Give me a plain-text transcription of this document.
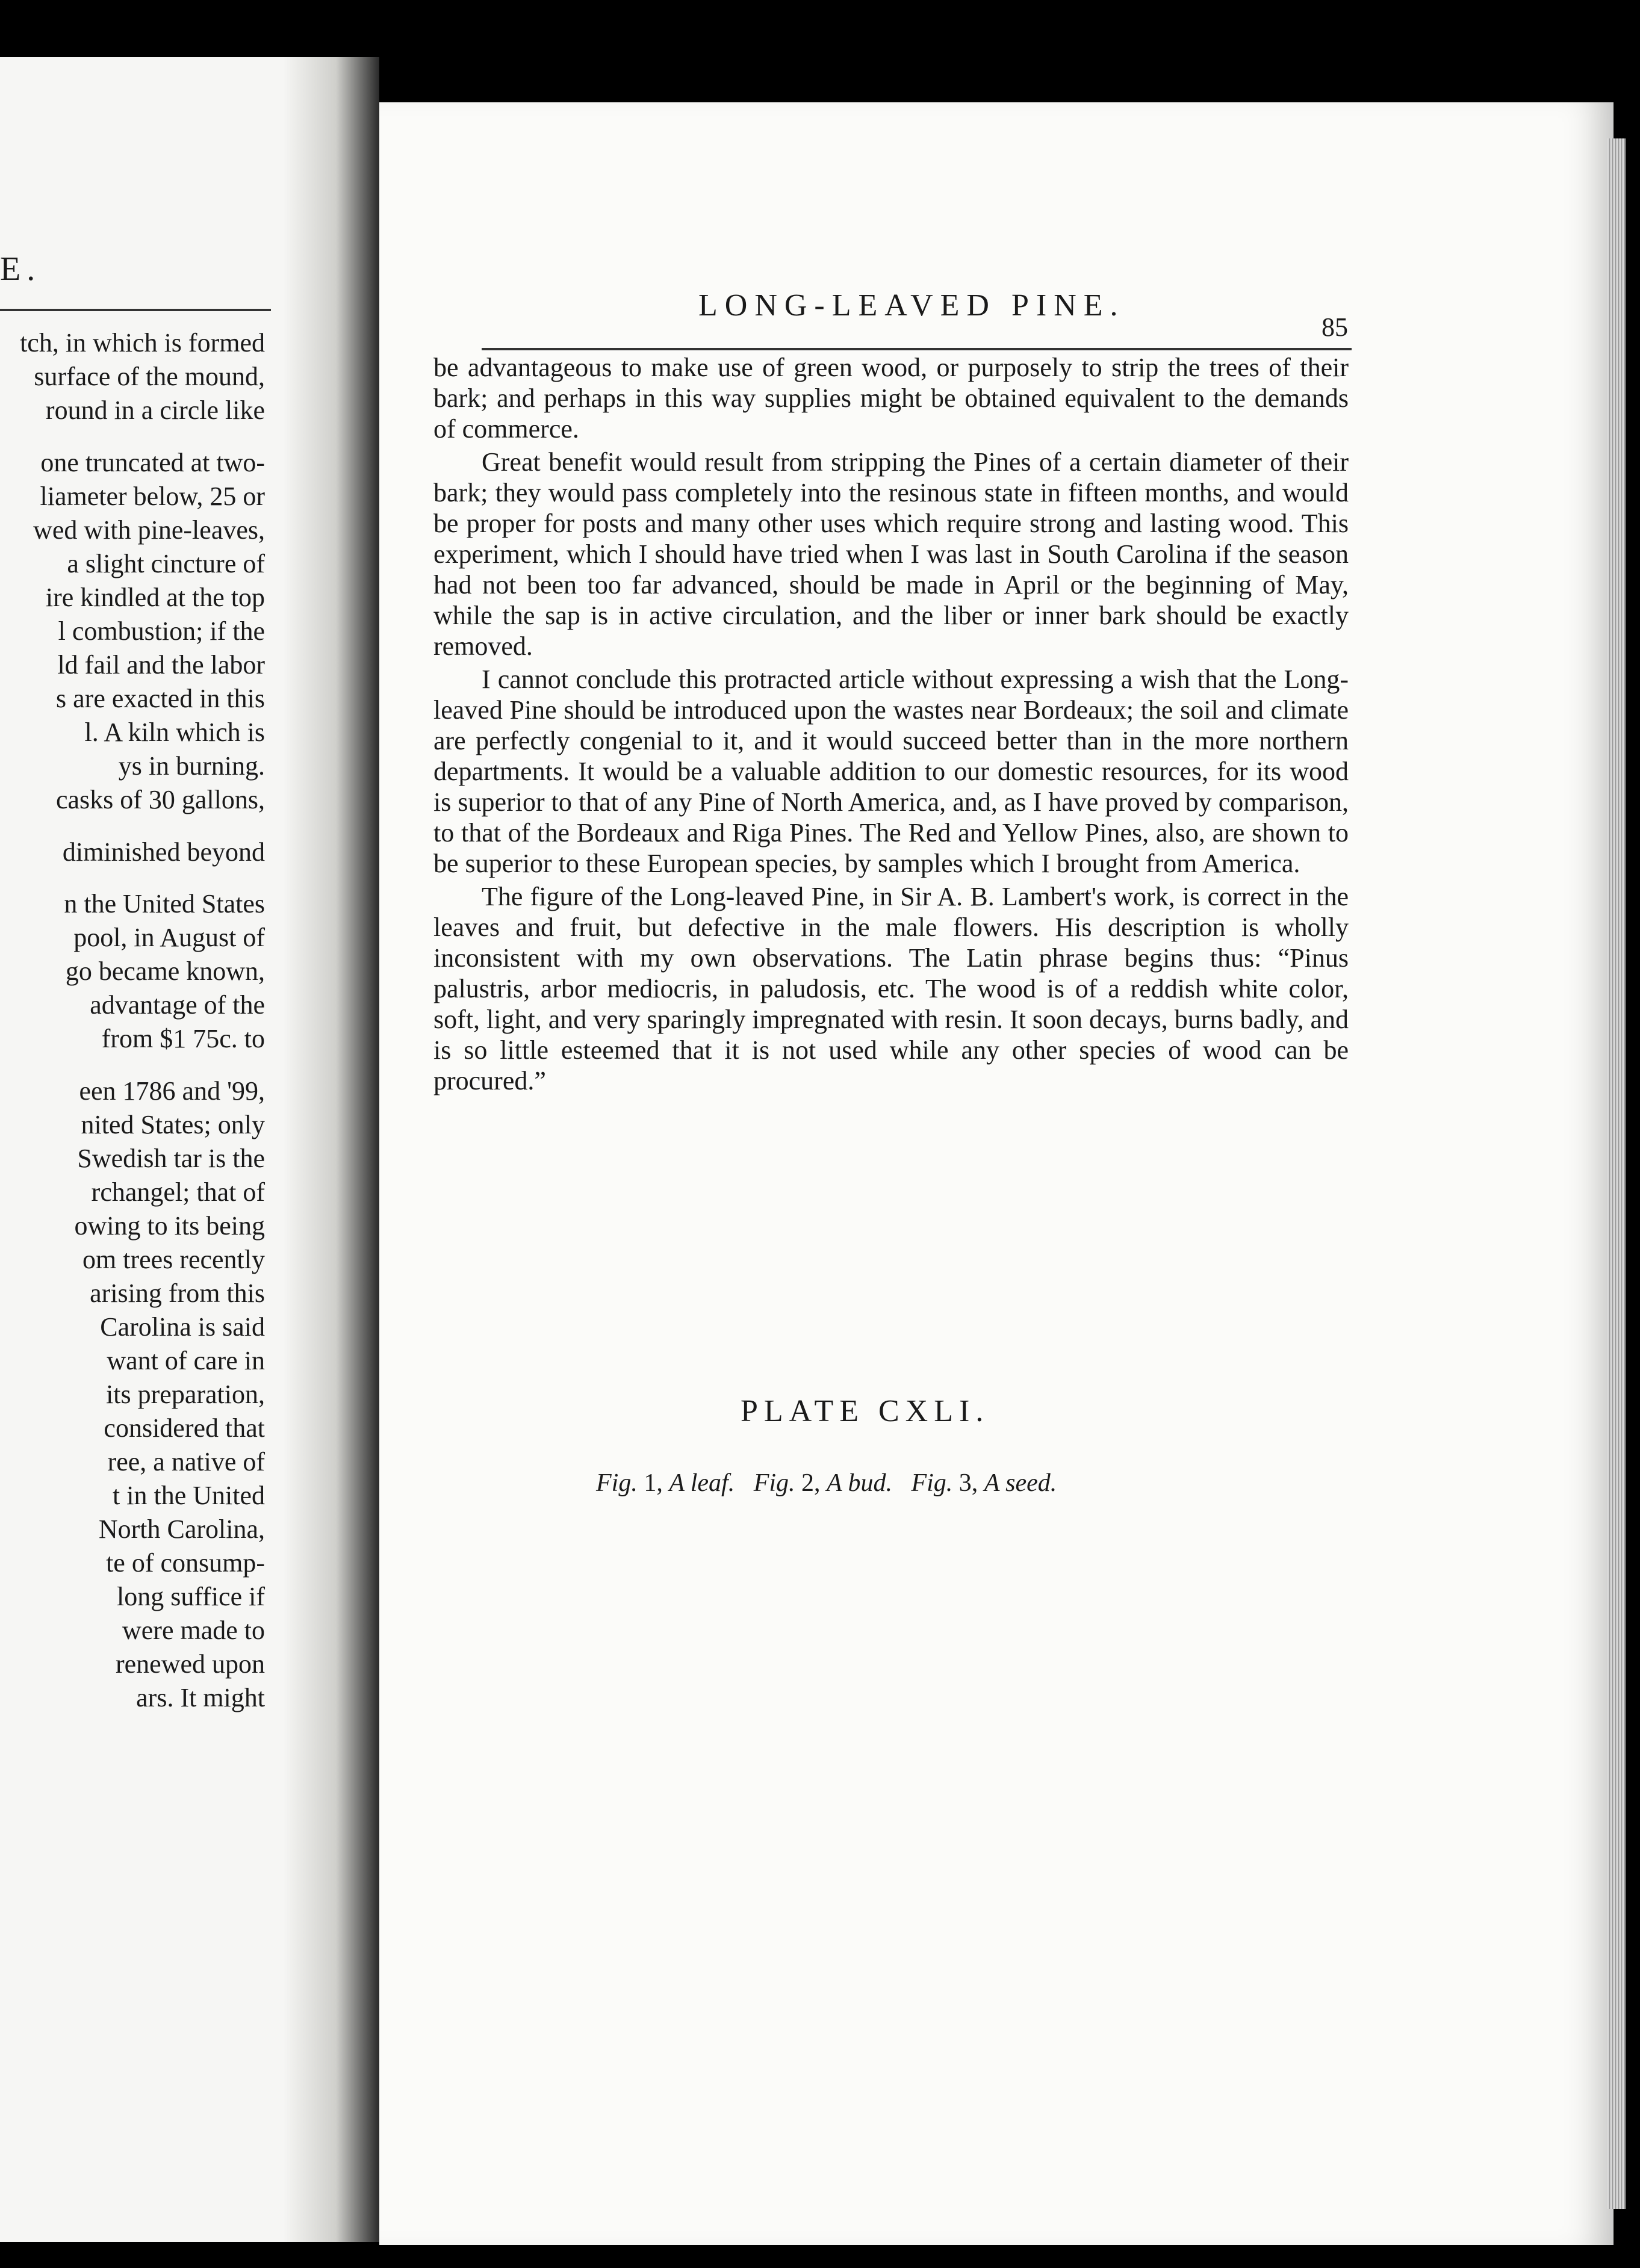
E.
tch, in which is formed
surface of the mound,
round in a circle like
one truncated at two-
liameter below, 25 or
wed with pine-leaves,
a slight cincture of
ire kindled at the top
l combustion; if the
ld fail and the labor
s are exacted in this
l. A kiln which is
ys in burning.
casks of 30 gallons,
diminished beyond
n the United States
pool, in August of
go became known,
advantage of the
from $1 75c. to
een 1786 and '99,
nited States; only
Swedish tar is the
rchangel; that of
owing to its being
om trees recently
arising from this
Carolina is said
want of care in
its preparation,
considered that
ree, a native of
t in the United
North Carolina,
te of consump-
long suffice if
were made to
renewed upon
ars. It might
LONG-LEAVED PINE.
85

be advantageous to make use of green wood, or purposely to strip the trees of their bark; and perhaps in this way supplies might be obtained equivalent to the demands of commerce.

Great benefit would result from stripping the Pines of a certain diameter of their bark; they would pass completely into the resinous state in fifteen months, and would be proper for posts and many other uses which require strong and lasting wood. This experiment, which I should have tried when I was last in South Carolina if the season had not been too far advanced, should be made in April or the beginning of May, while the sap is in active circulation, and the liber or inner bark should be exactly removed.

I cannot conclude this protracted article without expressing a wish that the Long-leaved Pine should be introduced upon the wastes near Bordeaux; the soil and climate are perfectly congenial to it, and it would succeed better than in the more northern departments. It would be a valuable addition to our domestic resources, for its wood is superior to that of any Pine of North America, and, as I have proved by comparison, to that of the Bordeaux and Riga Pines. The Red and Yellow Pines, also, are shown to be superior to these European species, by samples which I brought from America.

The figure of the Long-leaved Pine, in Sir A. B. Lambert's work, is correct in the leaves and fruit, but defective in the male flowers. His description is wholly inconsistent with my own observations. The Latin phrase begins thus: “Pinus palustris, arbor mediocris, in paludosis, etc. The wood is of a reddish white color, soft, light, and very sparingly impregnated with resin. It soon decays, burns badly, and is so little esteemed that it is not used while any other species of wood can be procured.”

PLATE CXLI.
Fig. 1, A leaf. Fig. 2, A bud. Fig. 3, A seed.
